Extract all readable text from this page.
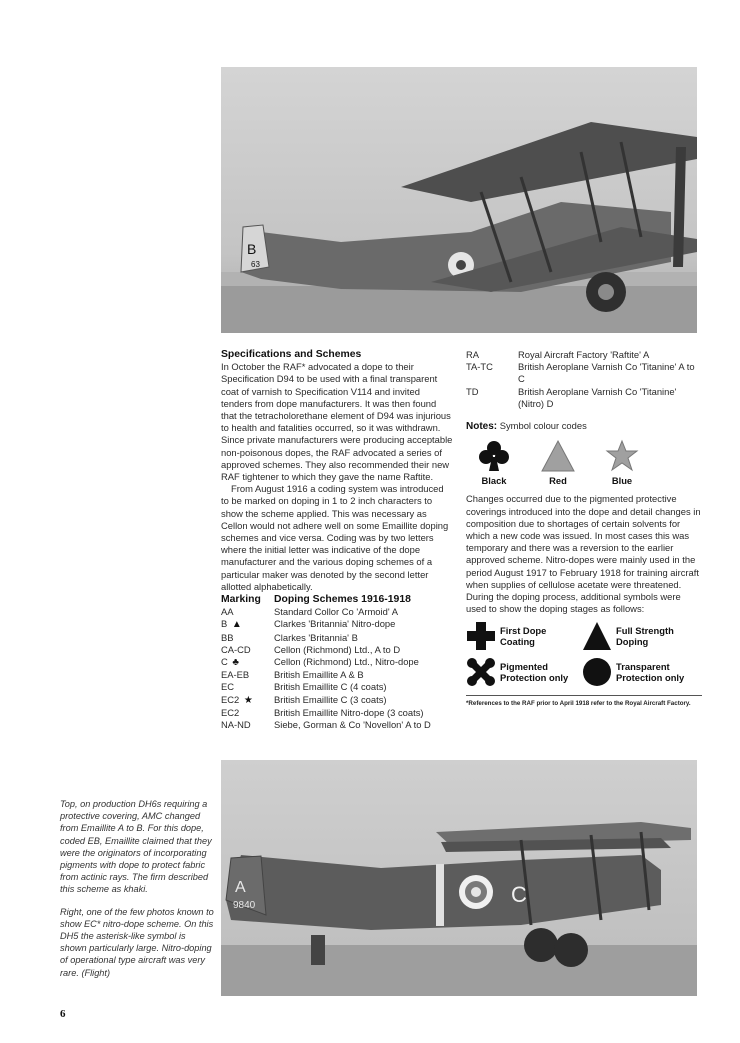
B
63
Specifications and Schemes

In October the RAF* advocated a dope to their Specification D94 to be used with a final transparent coat of varnish to Specification V114 and invited tenders from dope manufacturers. It was then found that the tetracholorethane element of D94 was injurious to health and fatalities occurred, so it was withdrawn. Since private manufacturers were producing acceptable non-poisonous dopes, the RAF advocated a series of approved schemes. They also recommended their new RAF tightener to which they gave the name Raftite.

From August 1916 a coding system was introduced to be marked on doping in 1 to 2 inch characters to show the scheme applied. This was necessary as Cellon would not adhere well on some Emaillite doping schemes and vice versa. Coding was by two letters where the initial letter was indicative of the dope manufacturer and the various doping schemes of a particular maker was denoted by the second letter allotted alphabetically.

Marking	Doping Schemes 1916-1918
AA	Standard Collor Co 'Armoid' A
B ▲	Clarkes 'Britannia' Nitro-dope
BB	Clarkes 'Britannia' B
CA-CD	Cellon (Richmond) Ltd., A to D
C ♣	Cellon (Richmond) Ltd., Nitro-dope
EA-EB	British Emaillite A & B
EC	British Emaillite C (4 coats)
EC2 ★	British Emaillite C (3 coats)
EC2	British Emaillite Nitro-dope (3 coats)
NA-ND	Siebe, Gorman & Co 'Novellon' A to D
RA	Royal Aircraft Factory 'Raftite' A
TA-TC	British Aeroplane Varnish Co 'Titanine' A to C
TD	British Aeroplane Varnish Co 'Titanine' (Nitro) D
Notes: Symbol colour codes
Black	Red	Blue

Changes occurred due to the pigmented protective coverings introduced into the dope and detail changes in composition due to shortages of certain solvents for which a new code was issued. In most cases this was temporary and there was a reversion to the earlier approved scheme. Nitro-dopes were mainly used in the period August 1917 to February 1918 for training aircraft when supplies of cellulose acetate were threatened. During the doping process, additional symbols were used to show the doping stages as follows:

First Dope
Coating
Full Strength
Doping
Pigmented
Protection only
Transparent
Protection only
*References to the RAF prior to April 1918 refer to the Royal Aircraft Factory.
A
9840	C

Top, on production DH6s requiring a protective covering, AMC changed from Emaillite A to B. For this dope, coded EB, Emaillite claimed that they were the originators of incorporating pigments with dope to protect fabric from actinic rays. The firm described this scheme as khaki.

Right, one of the few photos known to show EC* nitro-dope scheme. On this DH5 the asterisk-like symbol is shown particularly large. Nitro-doping of operational type aircraft was very rare. (Flight)

6
